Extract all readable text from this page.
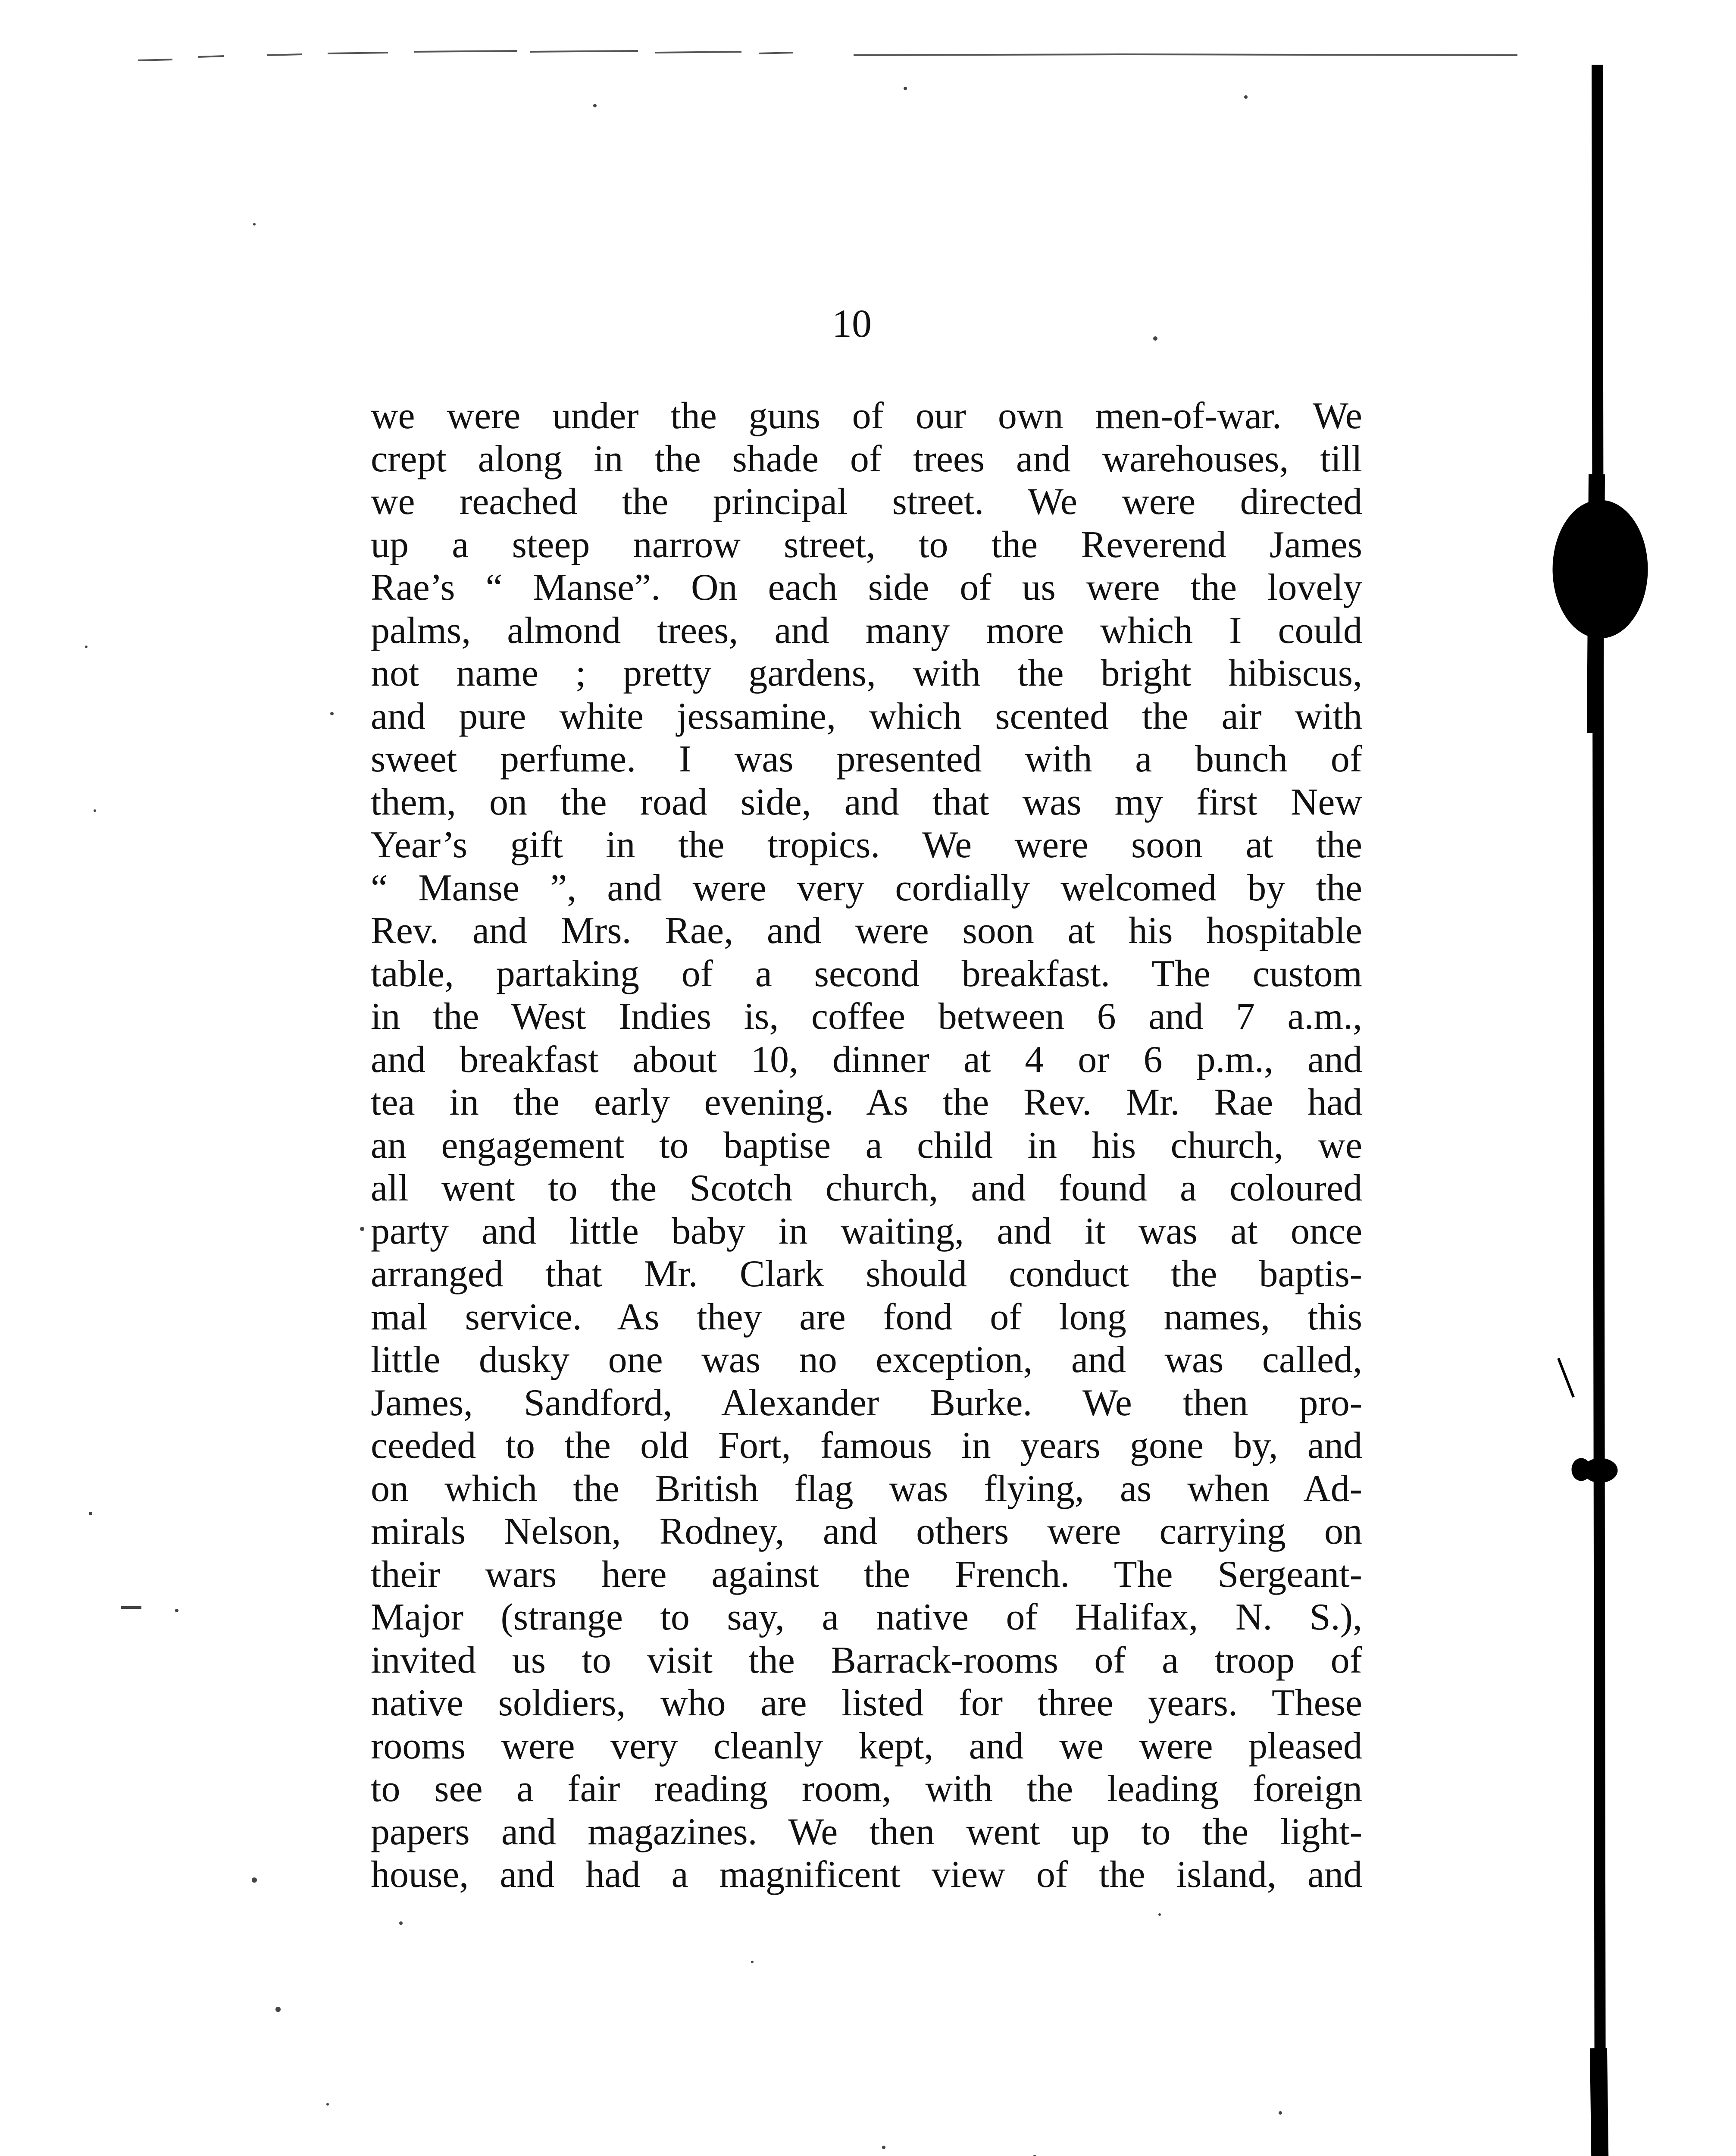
10
we were under the guns of our own men-of-war. We
crept along in the shade of trees and warehouses, till
we reached the principal street. We were directed
up a steep narrow street, to the Reverend James
Rae’s “ Manse”. On each side of us were the lovely
palms, almond trees, and many more which I could
not name ; pretty gardens, with the bright hibiscus,
and pure white jessamine, which scented the air with
sweet perfume. I was presented with a bunch of
them, on the road side, and that was my first New
Year’s gift in the tropics. We were soon at the
“ Manse ”, and were very cordially welcomed by the
Rev. and Mrs. Rae, and were soon at his hospitable
table, partaking of a second breakfast. The custom
in the West Indies is, coffee between 6 and 7 a.m.,
and breakfast about 10, dinner at 4 or 6 p.m., and
tea in the early evening. As the Rev. Mr. Rae had
an engagement to baptise a child in his church, we
all went to the Scotch church, and found a coloured
party and little baby in waiting, and it was at once
arranged that Mr. Clark should conduct the baptis-
mal service. As they are fond of long names, this
little dusky one was no exception, and was called,
James, Sandford, Alexander Burke. We then pro-
ceeded to the old Fort, famous in years gone by, and
on which the British flag was flying, as when Ad-
mirals Nelson, Rodney, and others were carrying on
their wars here against the French. The Sergeant-
Major (strange to say, a native of Halifax, N. S.),
invited us to visit the Barrack-rooms of a troop of
native soldiers, who are listed for three years. These
rooms were very cleanly kept, and we were pleased
to see a fair reading room, with the leading foreign
papers and magazines. We then went up to the light-
house, and had a magnificent view of the island, and
